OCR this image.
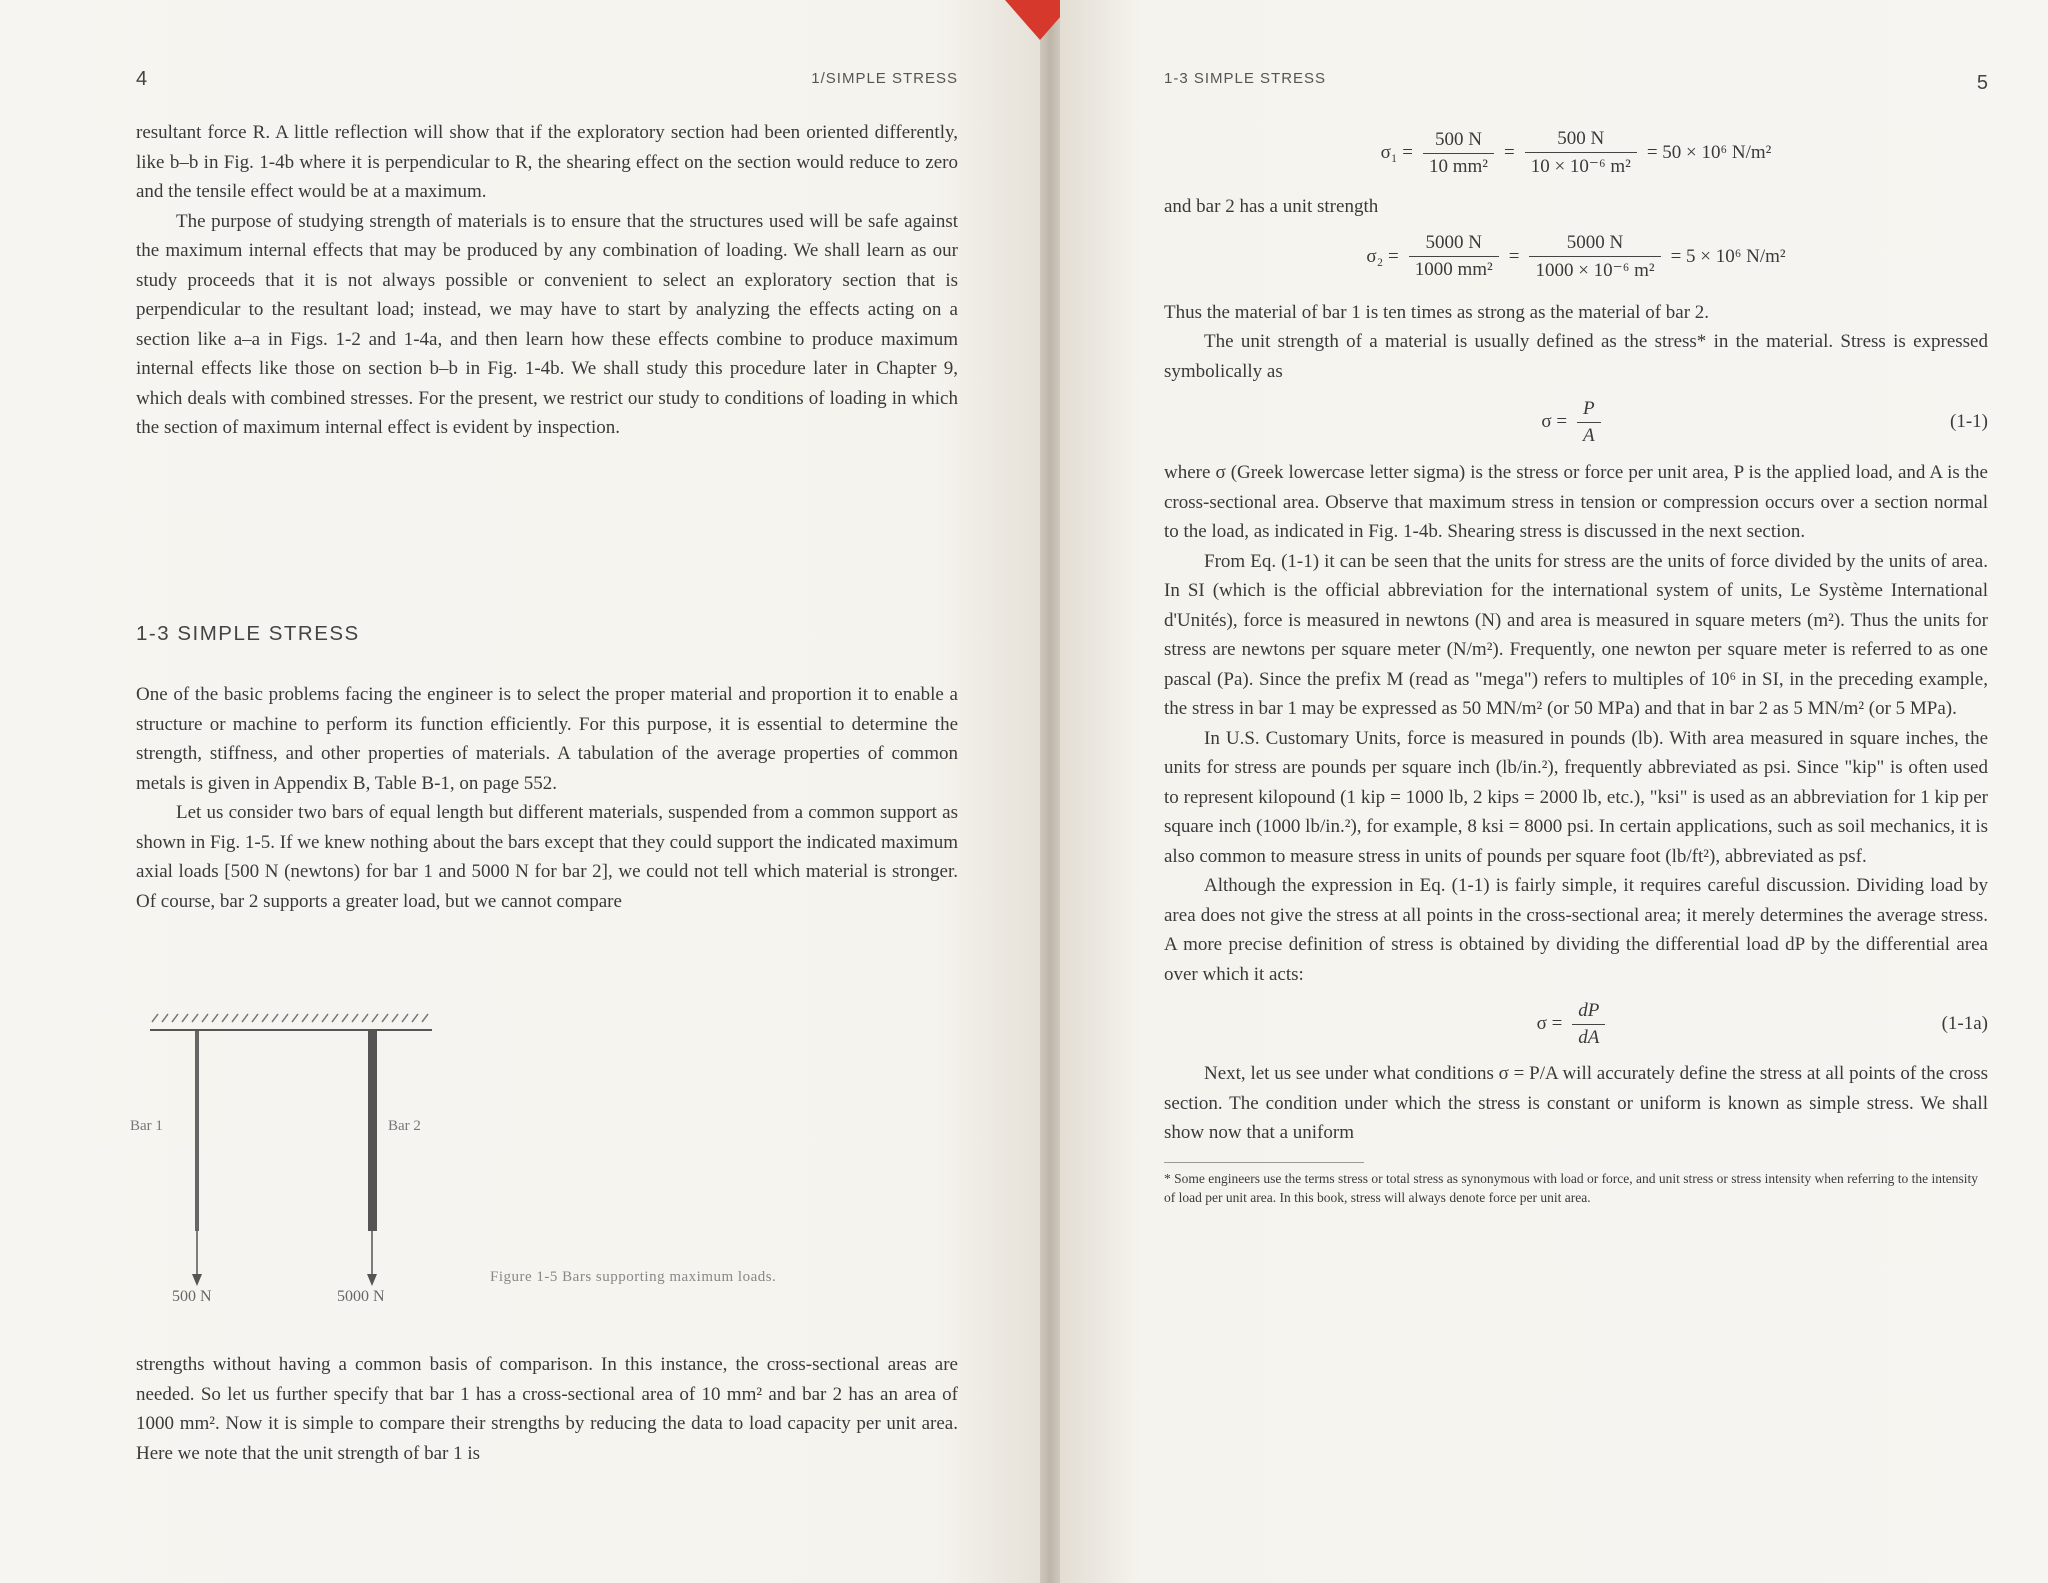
4	1/SIMPLE STRESS

resultant force R. A little reflection will show that if the exploratory section had been oriented differently, like b–b in Fig. 1-4b where it is perpendicular to R, the shearing effect on the section would reduce to zero and the tensile effect would be at a maximum.

The purpose of studying strength of materials is to ensure that the structures used will be safe against the maximum internal effects that may be produced by any combination of loading. We shall learn as our study proceeds that it is not always possible or convenient to select an exploratory section that is perpendicular to the resultant load; instead, we may have to start by analyzing the effects acting on a section like a–a in Figs. 1-2 and 1-4a, and then learn how these effects combine to produce maximum internal effects like those on section b–b in Fig. 1-4b. We shall study this procedure later in Chapter 9, which deals with combined stresses. For the present, we restrict our study to conditions of loading in which the section of maximum internal effect is evident by inspection.

1-3 SIMPLE STRESS

One of the basic problems facing the engineer is to select the proper material and proportion it to enable a structure or machine to perform its function efficiently. For this purpose, it is essential to determine the strength, stiffness, and other properties of materials. A tabulation of the average properties of common metals is given in Appendix B, Table B-1, on page 552.

Let us consider two bars of equal length but different materials, suspended from a common support as shown in Fig. 1-5. If we knew nothing about the bars except that they could support the indicated maximum axial loads [500 N (newtons) for bar 1 and 5000 N for bar 2], we could not tell which material is stronger. Of course, bar 2 supports a greater load, but we cannot compare

Bar 1	Bar 2
500 N	5000 N
Figure 1-5 Bars supporting maximum loads.

strengths without having a common basis of comparison. In this instance, the cross-sectional areas are needed. So let us further specify that bar 1 has a cross-sectional area of 10 mm² and bar 2 has an area of 1000 mm². Now it is simple to compare their strengths by reducing the data to load capacity per unit area. Here we note that the unit strength of bar 1 is

1-3 SIMPLE STRESS	5
$\sigma_1 = \frac{500 N}{\text{10 mm²}} = \frac{500 N}{\text{10 × 10⁻⁶ m²}} = 50 \times 10^6$ N/m²

and bar 2 has a unit strength

$\sigma_2 = \frac{5000 N}{\text{1000 mm²}} = \frac{5000 N}{\text{1000 × 10⁻⁶ m²}} = 5 \times 10^6$ N/m²

Thus the material of bar 1 is ten times as strong as the material of bar 2.

The unit strength of a material is usually defined as the stress* in the material. Stress is expressed symbolically as

$\sigma = \frac{P}{A}$	(1-1)

where σ (Greek lowercase letter sigma) is the stress or force per unit area, P is the applied load, and A is the cross-sectional area. Observe that maximum stress in tension or compression occurs over a section normal to the load, as indicated in Fig. 1-4b. Shearing stress is discussed in the next section.

From Eq. (1-1) it can be seen that the units for stress are the units of force divided by the units of area. In SI (which is the official abbreviation for the international system of units, Le Système International d'Unités), force is measured in newtons (N) and area is measured in square meters (m²). Thus the units for stress are newtons per square meter (N/m²). Frequently, one newton per square meter is referred to as one pascal (Pa). Since the prefix M (read as "mega") refers to multiples of 10⁶ in SI, in the preceding example, the stress in bar 1 may be expressed as 50 MN/m² (or 50 MPa) and that in bar 2 as 5 MN/m² (or 5 MPa).

In U.S. Customary Units, force is measured in pounds (lb). With area measured in square inches, the units for stress are pounds per square inch (lb/in.²), frequently abbreviated as psi. Since "kip" is often used to represent kilopound (1 kip = 1000 lb, 2 kips = 2000 lb, etc.), "ksi" is used as an abbreviation for 1 kip per square inch (1000 lb/in.²), for example, 8 ksi = 8000 psi. In certain applications, such as soil mechanics, it is also common to measure stress in units of pounds per square foot (lb/ft²), abbreviated as psf.

Although the expression in Eq. (1-1) is fairly simple, it requires careful discussion. Dividing load by area does not give the stress at all points in the cross-sectional area; it merely determines the average stress. A more precise definition of stress is obtained by dividing the differential load dP by the differential area over which it acts:

$\sigma = \frac{dP}{dA}$	(1-1a)

Next, let us see under what conditions σ = P/A will accurately define the stress at all points of the cross section. The condition under which the stress is constant or uniform is known as simple stress. We shall show now that a uniform

* Some engineers use the terms stress or total stress as synonymous with load or force, and unit stress or stress intensity when referring to the intensity of load per unit area. In this book, stress will always denote force per unit area.
